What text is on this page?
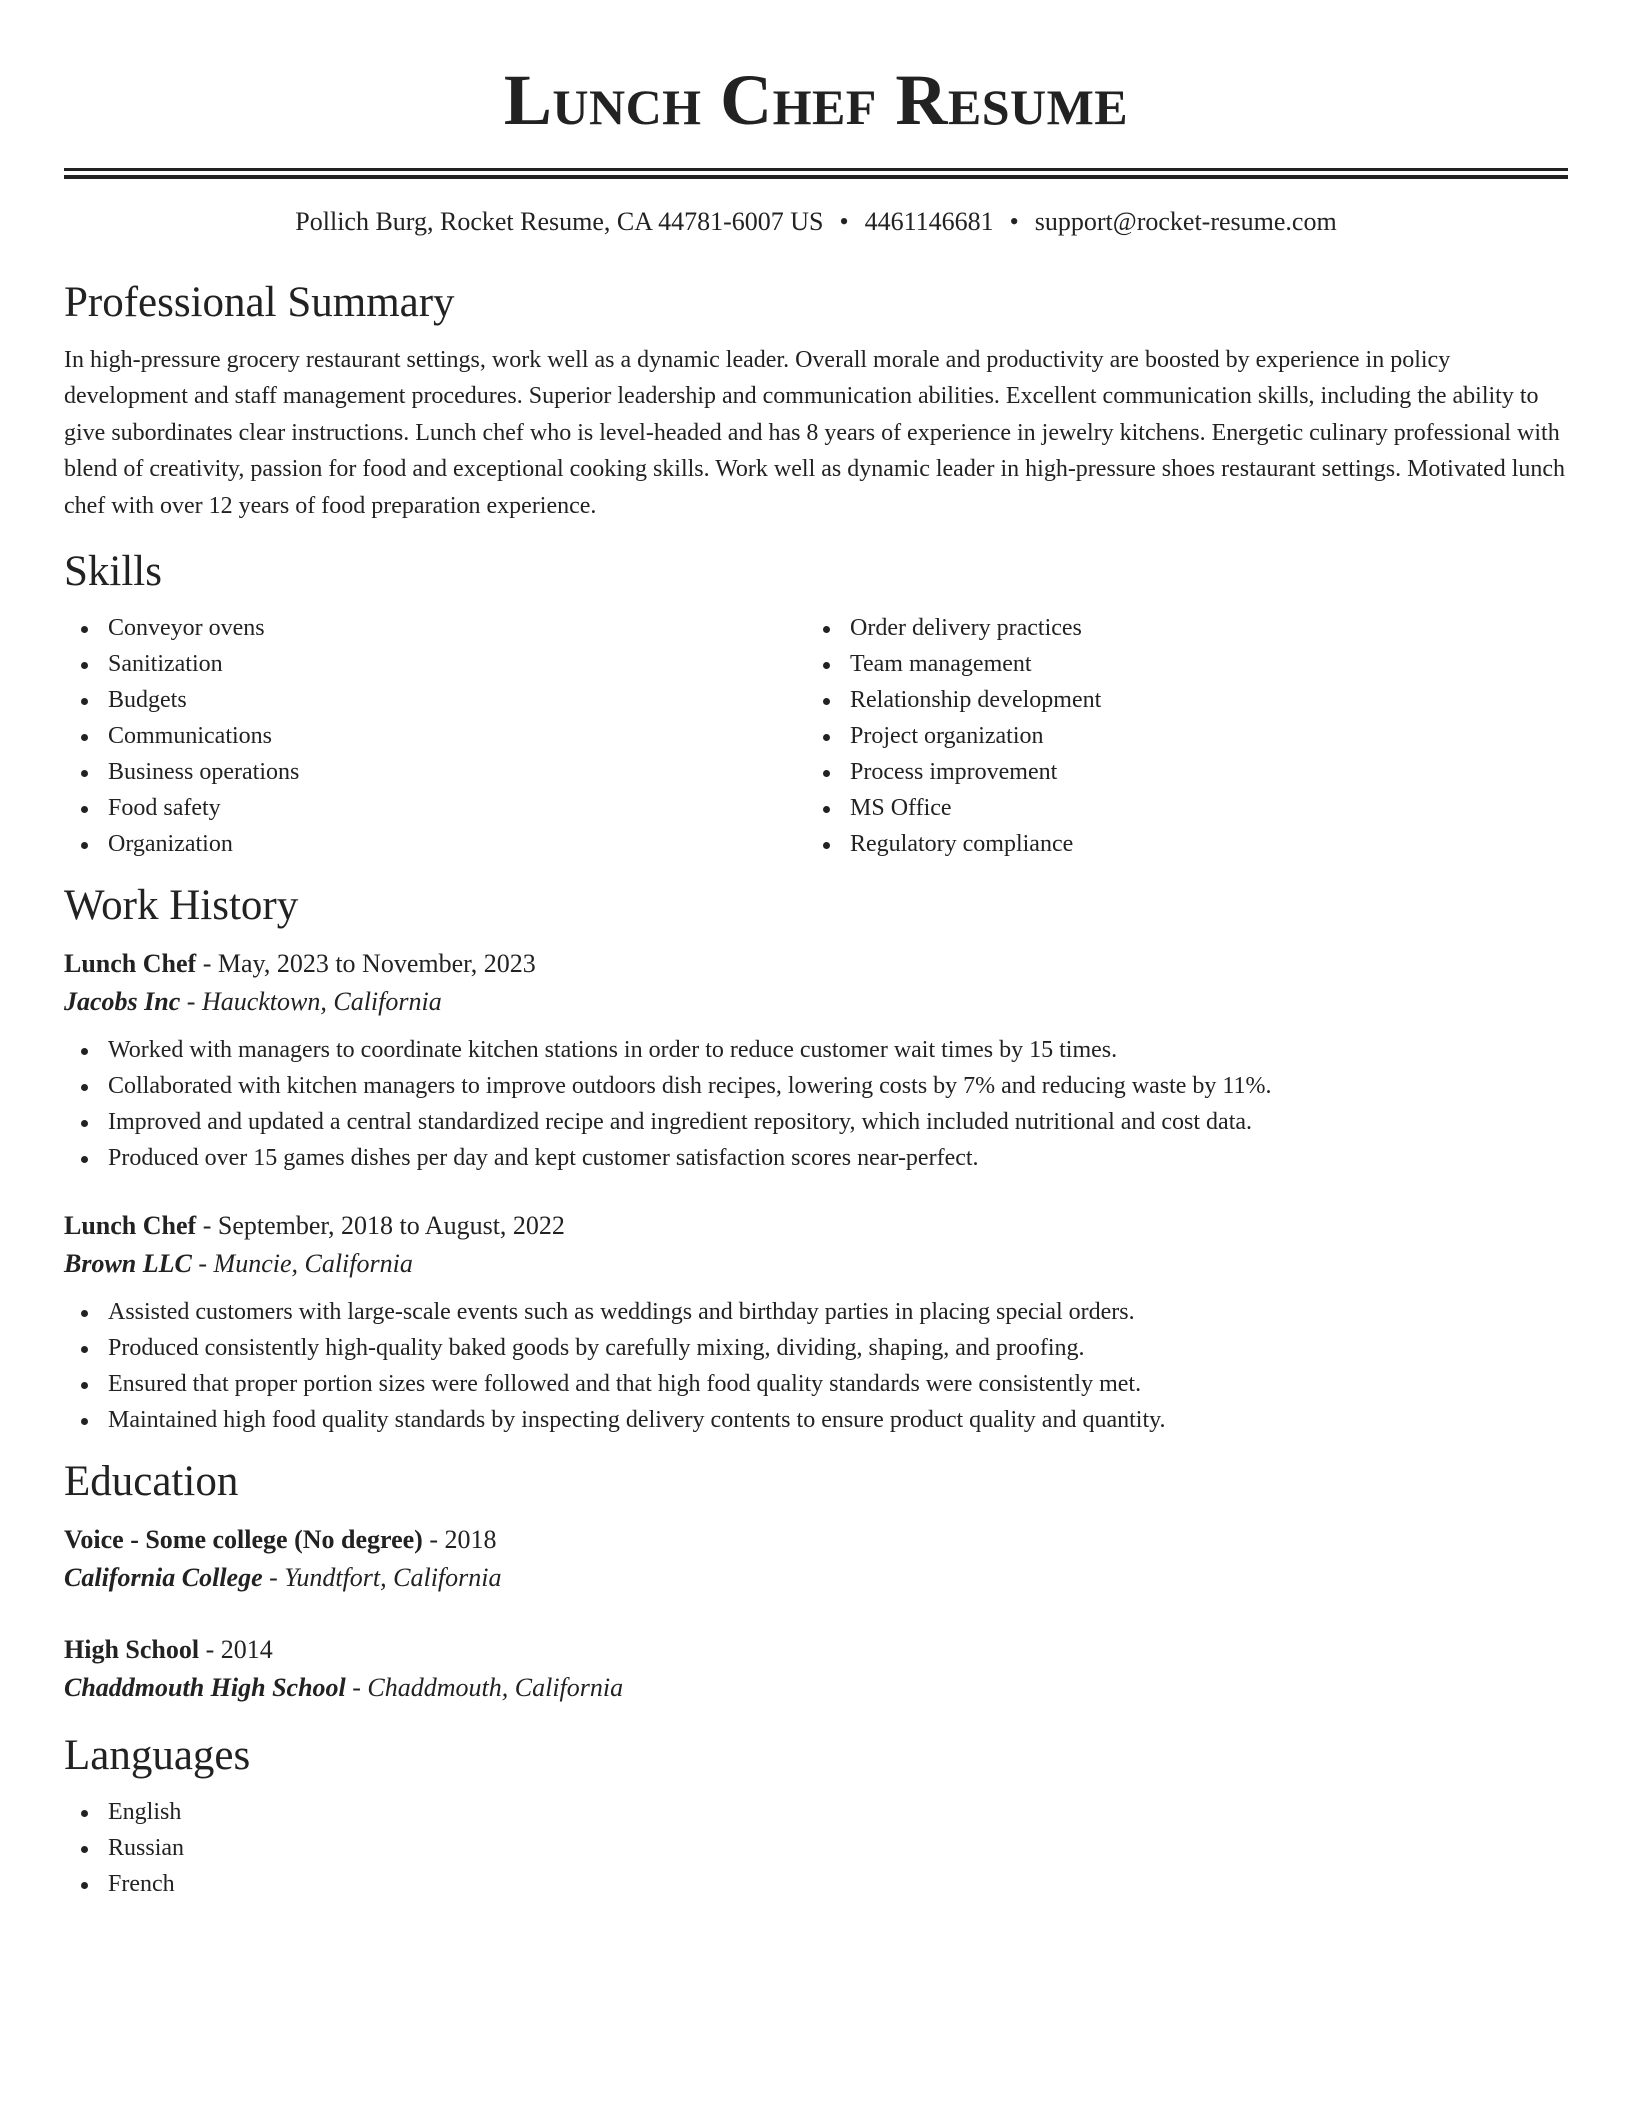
Lunch Chef Resume
Pollich Burg, Rocket Resume, CA 44781-6007 US • 4461146681 • support@rocket-resume.com
Professional Summary

In high-pressure grocery restaurant settings, work well as a dynamic leader. Overall morale and productivity are boosted by experience in policy development and staff management procedures. Superior leadership and communication abilities. Excellent communication skills, including the ability to give subordinates clear instructions. Lunch chef who is level-headed and has 8 years of experience in jewelry kitchens. Energetic culinary professional with blend of creativity, passion for food and exceptional cooking skills. Work well as dynamic leader in high-pressure shoes restaurant settings. Motivated lunch chef with over 12 years of food preparation experience.

Skills
Conveyor ovens
Sanitization
Budgets
Communications
Business operations
Food safety
Organization
Order delivery practices
Team management
Relationship development
Project organization
Process improvement
MS Office
Regulatory compliance
Work History
Lunch Chef - May, 2023 to November, 2023
Jacobs Inc - Haucktown, California
Worked with managers to coordinate kitchen stations in order to reduce customer wait times by 15 times.
Collaborated with kitchen managers to improve outdoors dish recipes, lowering costs by 7% and reducing waste by 11%.
Improved and updated a central standardized recipe and ingredient repository, which included nutritional and cost data.
Produced over 15 games dishes per day and kept customer satisfaction scores near-perfect.
Lunch Chef - September, 2018 to August, 2022
Brown LLC - Muncie, California
Assisted customers with large-scale events such as weddings and birthday parties in placing special orders.
Produced consistently high-quality baked goods by carefully mixing, dividing, shaping, and proofing.
Ensured that proper portion sizes were followed and that high food quality standards were consistently met.
Maintained high food quality standards by inspecting delivery contents to ensure product quality and quantity.
Education
Voice - Some college (No degree) - 2018
California College - Yundtfort, California
High School - 2014
Chaddmouth High School - Chaddmouth, California
Languages
English
Russian
French
